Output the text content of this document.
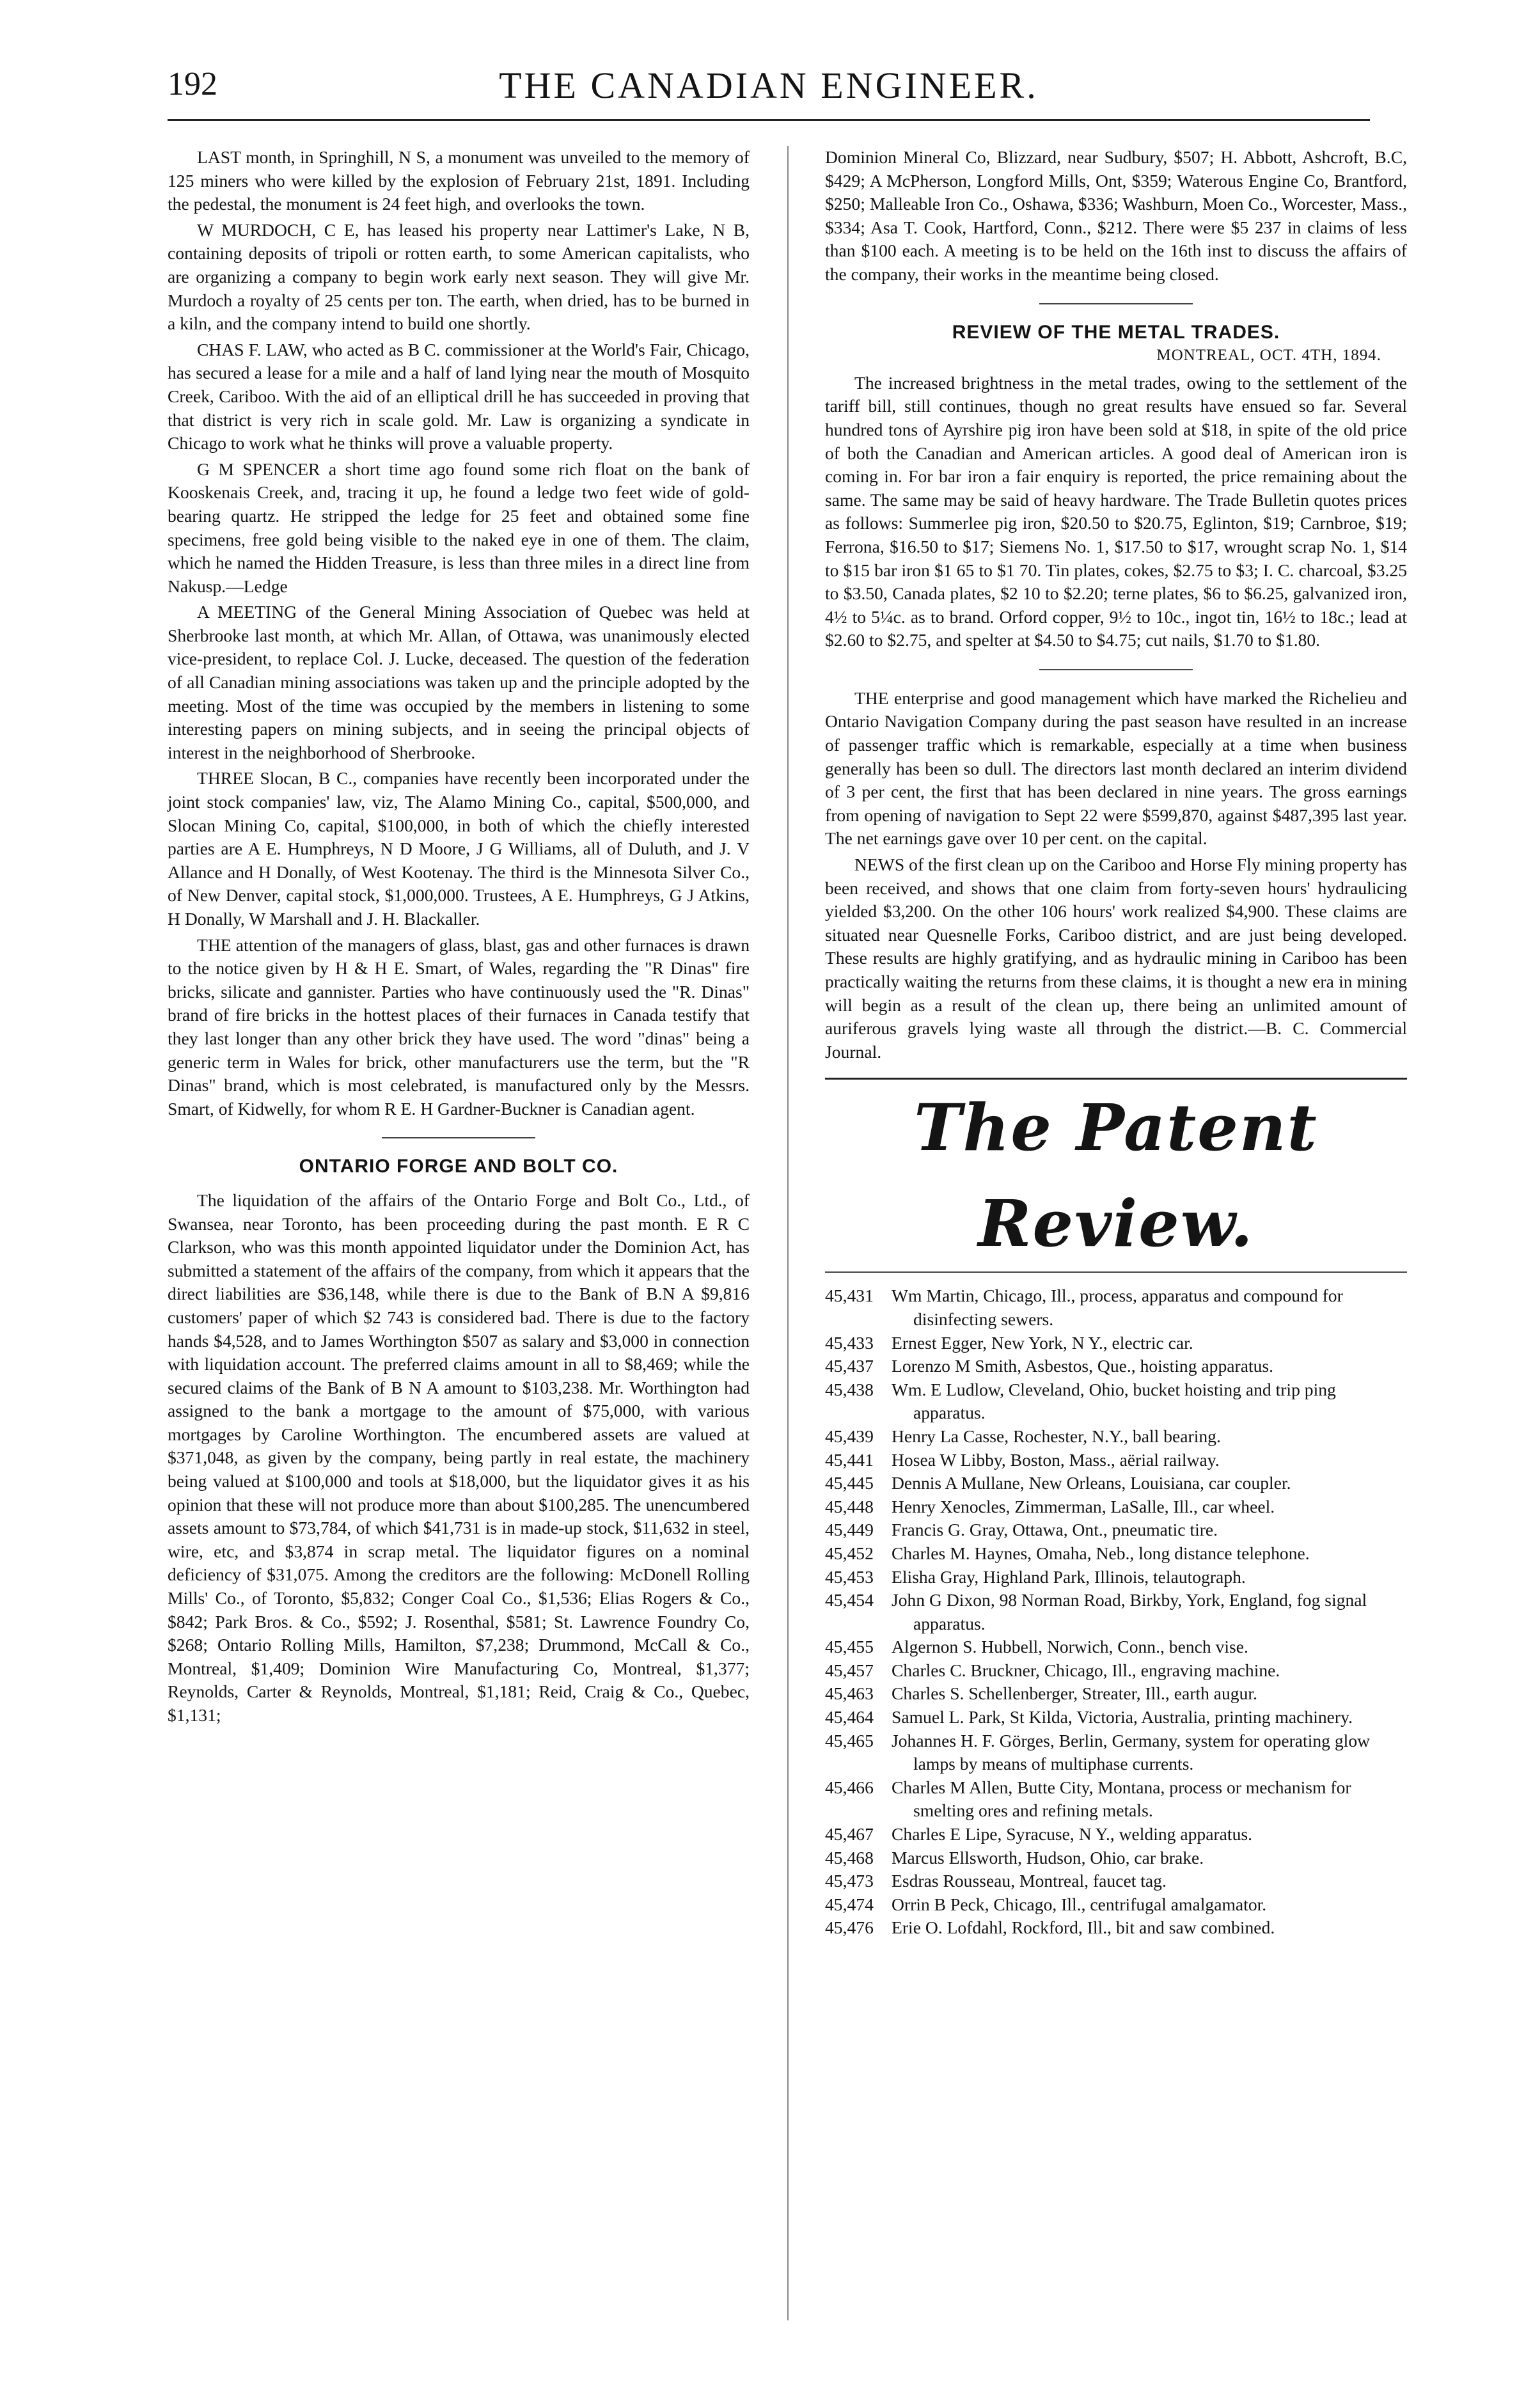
192	THE CANADIAN ENGINEER.

LAST month, in Springhill, N S, a monument was unveiled to the memory of 125 miners who were killed by the explosion of February 21st, 1891. Including the pedestal, the monument is 24 feet high, and overlooks the town.

W MURDOCH, C E, has leased his property near Lattimer's Lake, N B, containing deposits of tripoli or rotten earth, to some American capitalists, who are organizing a company to begin work early next season. They will give Mr. Murdoch a royalty of 25 cents per ton. The earth, when dried, has to be burned in a kiln, and the company intend to build one shortly.

CHAS F. LAW, who acted as B C. commissioner at the World's Fair, Chicago, has secured a lease for a mile and a half of land lying near the mouth of Mosquito Creek, Cariboo. With the aid of an elliptical drill he has succeeded in proving that that district is very rich in scale gold. Mr. Law is organizing a syndicate in Chicago to work what he thinks will prove a valuable property.

G M SPENCER a short time ago found some rich float on the bank of Kooskenais Creek, and, tracing it up, he found a ledge two feet wide of gold-bearing quartz. He stripped the ledge for 25 feet and obtained some fine specimens, free gold being visible to the naked eye in one of them. The claim, which he named the Hidden Treasure, is less than three miles in a direct line from Nakusp.—Ledge

A MEETING of the General Mining Association of Quebec was held at Sherbrooke last month, at which Mr. Allan, of Ottawa, was unanimously elected vice-president, to replace Col. J. Lucke, deceased. The question of the federation of all Canadian mining associations was taken up and the principle adopted by the meeting. Most of the time was occupied by the members in listening to some interesting papers on mining subjects, and in seeing the principal objects of interest in the neighborhood of Sherbrooke.

THREE Slocan, B C., companies have recently been incorporated under the joint stock companies' law, viz, The Alamo Mining Co., capital, $500,000, and Slocan Mining Co, capital, $100,000, in both of which the chiefly interested parties are A E. Humphreys, N D Moore, J G Williams, all of Duluth, and J. V Allance and H Donally, of West Kootenay. The third is the Minnesota Silver Co., of New Denver, capital stock, $1,000,000. Trustees, A E. Humphreys, G J Atkins, H Donally, W Marshall and J. H. Blackaller.

THE attention of the managers of glass, blast, gas and other furnaces is drawn to the notice given by H & H E. Smart, of Wales, regarding the "R Dinas" fire bricks, silicate and gannister. Parties who have continuously used the "R. Dinas" brand of fire bricks in the hottest places of their furnaces in Canada testify that they last longer than any other brick they have used. The word "dinas" being a generic term in Wales for brick, other manufacturers use the term, but the "R Dinas" brand, which is most celebrated, is manufactured only by the Messrs. Smart, of Kidwelly, for whom R E. H Gardner-Buckner is Canadian agent.

ONTARIO FORGE AND BOLT CO.

The liquidation of the affairs of the Ontario Forge and Bolt Co., Ltd., of Swansea, near Toronto, has been proceeding during the past month. E R C Clarkson, who was this month appointed liquidator under the Dominion Act, has submitted a statement of the affairs of the company, from which it appears that the direct liabilities are $36,148, while there is due to the Bank of B.N A $9,816 customers' paper of which $2 743 is considered bad. There is due to the factory hands $4,528, and to James Worthington $507 as salary and $3,000 in connection with liquidation account. The preferred claims amount in all to $8,469; while the secured claims of the Bank of B N A amount to $103,238. Mr. Worthington had assigned to the bank a mortgage to the amount of $75,000, with various mortgages by Caroline Worthington. The encumbered assets are valued at $371,048, as given by the company, being partly in real estate, the machinery being valued at $100,000 and tools at $18,000, but the liquidator gives it as his opinion that these will not produce more than about $100,285. The unencumbered assets amount to $73,784, of which $41,731 is in made-up stock, $11,632 in steel, wire, etc, and $3,874 in scrap metal. The liquidator figures on a nominal deficiency of $31,075. Among the creditors are the following: McDonell Rolling Mills' Co., of Toronto, $5,832; Conger Coal Co., $1,536; Elias Rogers & Co., $842; Park Bros. & Co., $592; J. Rosenthal, $581; St. Lawrence Foundry Co, $268; Ontario Rolling Mills, Hamilton, $7,238; Drummond, McCall & Co., Montreal, $1,409; Dominion Wire Manufacturing Co, Montreal, $1,377; Reynolds, Carter & Reynolds, Montreal, $1,181; Reid, Craig & Co., Quebec, $1,131;

Dominion Mineral Co, Blizzard, near Sudbury, $507; H. Abbott, Ashcroft, B.C, $429; A McPherson, Longford Mills, Ont, $359; Waterous Engine Co, Brantford, $250; Malleable Iron Co., Oshawa, $336; Washburn, Moen Co., Worcester, Mass., $334; Asa T. Cook, Hartford, Conn., $212. There were $5 237 in claims of less than $100 each. A meeting is to be held on the 16th inst to discuss the affairs of the company, their works in the meantime being closed.

REVIEW OF THE METAL TRADES.
MONTREAL, OCT. 4TH, 1894.

The increased brightness in the metal trades, owing to the settlement of the tariff bill, still continues, though no great results have ensued so far. Several hundred tons of Ayrshire pig iron have been sold at $18, in spite of the old price of both the Canadian and American articles. A good deal of American iron is coming in. For bar iron a fair enquiry is reported, the price remaining about the same. The same may be said of heavy hardware. The Trade Bulletin quotes prices as follows: Summerlee pig iron, $20.50 to $20.75, Eglinton, $19; Carnbroe, $19; Ferrona, $16.50 to $17; Siemens No. 1, $17.50 to $17, wrought scrap No. 1, $14 to $15 bar iron $1 65 to $1 70. Tin plates, cokes, $2.75 to $3; I. C. charcoal, $3.25 to $3.50, Canada plates, $2 10 to $2.20; terne plates, $6 to $6.25, galvanized iron, 4½ to 5¼c. as to brand. Orford copper, 9½ to 10c., ingot tin, 16½ to 18c.; lead at $2.60 to $2.75, and spelter at $4.50 to $4.75; cut nails, $1.70 to $1.80.

THE enterprise and good management which have marked the Richelieu and Ontario Navigation Company during the past season have resulted in an increase of passenger traffic which is remarkable, especially at a time when business generally has been so dull. The directors last month declared an interim dividend of 3 per cent, the first that has been declared in nine years. The gross earnings from opening of navigation to Sept 22 were $599,870, against $487,395 last year. The net earnings gave over 10 per cent. on the capital.

NEWS of the first clean up on the Cariboo and Horse Fly mining property has been received, and shows that one claim from forty-seven hours' hydraulicing yielded $3,200. On the other 106 hours' work realized $4,900. These claims are situated near Quesnelle Forks, Cariboo district, and are just being developed. These results are highly gratifying, and as hydraulic mining in Cariboo has been practically waiting the returns from these claims, it is thought a new era in mining will begin as a result of the clean up, there being an unlimited amount of auriferous gravels lying waste all through the district.—B. C. Commercial Journal.

The Patent Review.
45,431	Wm Martin, Chicago, Ill., process, apparatus and compound for disinfecting sewers.
45,433	Ernest Egger, New York, N Y., electric car.
45,437	Lorenzo M Smith, Asbestos, Que., hoisting apparatus.
45,438	Wm. E Ludlow, Cleveland, Ohio, bucket hoisting and trip ping apparatus.
45,439	Henry La Casse, Rochester, N.Y., ball bearing.
45,441	Hosea W Libby, Boston, Mass., aërial railway.
45,445	Dennis A Mullane, New Orleans, Louisiana, car coupler.
45,448	Henry Xenocles, Zimmerman, LaSalle, Ill., car wheel.
45,449	Francis G. Gray, Ottawa, Ont., pneumatic tire.
45,452	Charles M. Haynes, Omaha, Neb., long distance telephone.
45,453	Elisha Gray, Highland Park, Illinois, telautograph.
45,454	John G Dixon, 98 Norman Road, Birkby, York, England, fog signal apparatus.
45,455	Algernon S. Hubbell, Norwich, Conn., bench vise.
45,457	Charles C. Bruckner, Chicago, Ill., engraving machine.
45,463	Charles S. Schellenberger, Streater, Ill., earth augur.
45,464	Samuel L. Park, St Kilda, Victoria, Australia, printing machinery.
45,465	Johannes H. F. Görges, Berlin, Germany, system for operating glow lamps by means of multiphase currents.
45,466	Charles M Allen, Butte City, Montana, process or mechanism for smelting ores and refining metals.
45,467	Charles E Lipe, Syracuse, N Y., welding apparatus.
45,468	Marcus Ellsworth, Hudson, Ohio, car brake.
45,473	Esdras Rousseau, Montreal, faucet tag.
45,474	Orrin B Peck, Chicago, Ill., centrifugal amalgamator.
45,476	Erie O. Lofdahl, Rockford, Ill., bit and saw combined.
